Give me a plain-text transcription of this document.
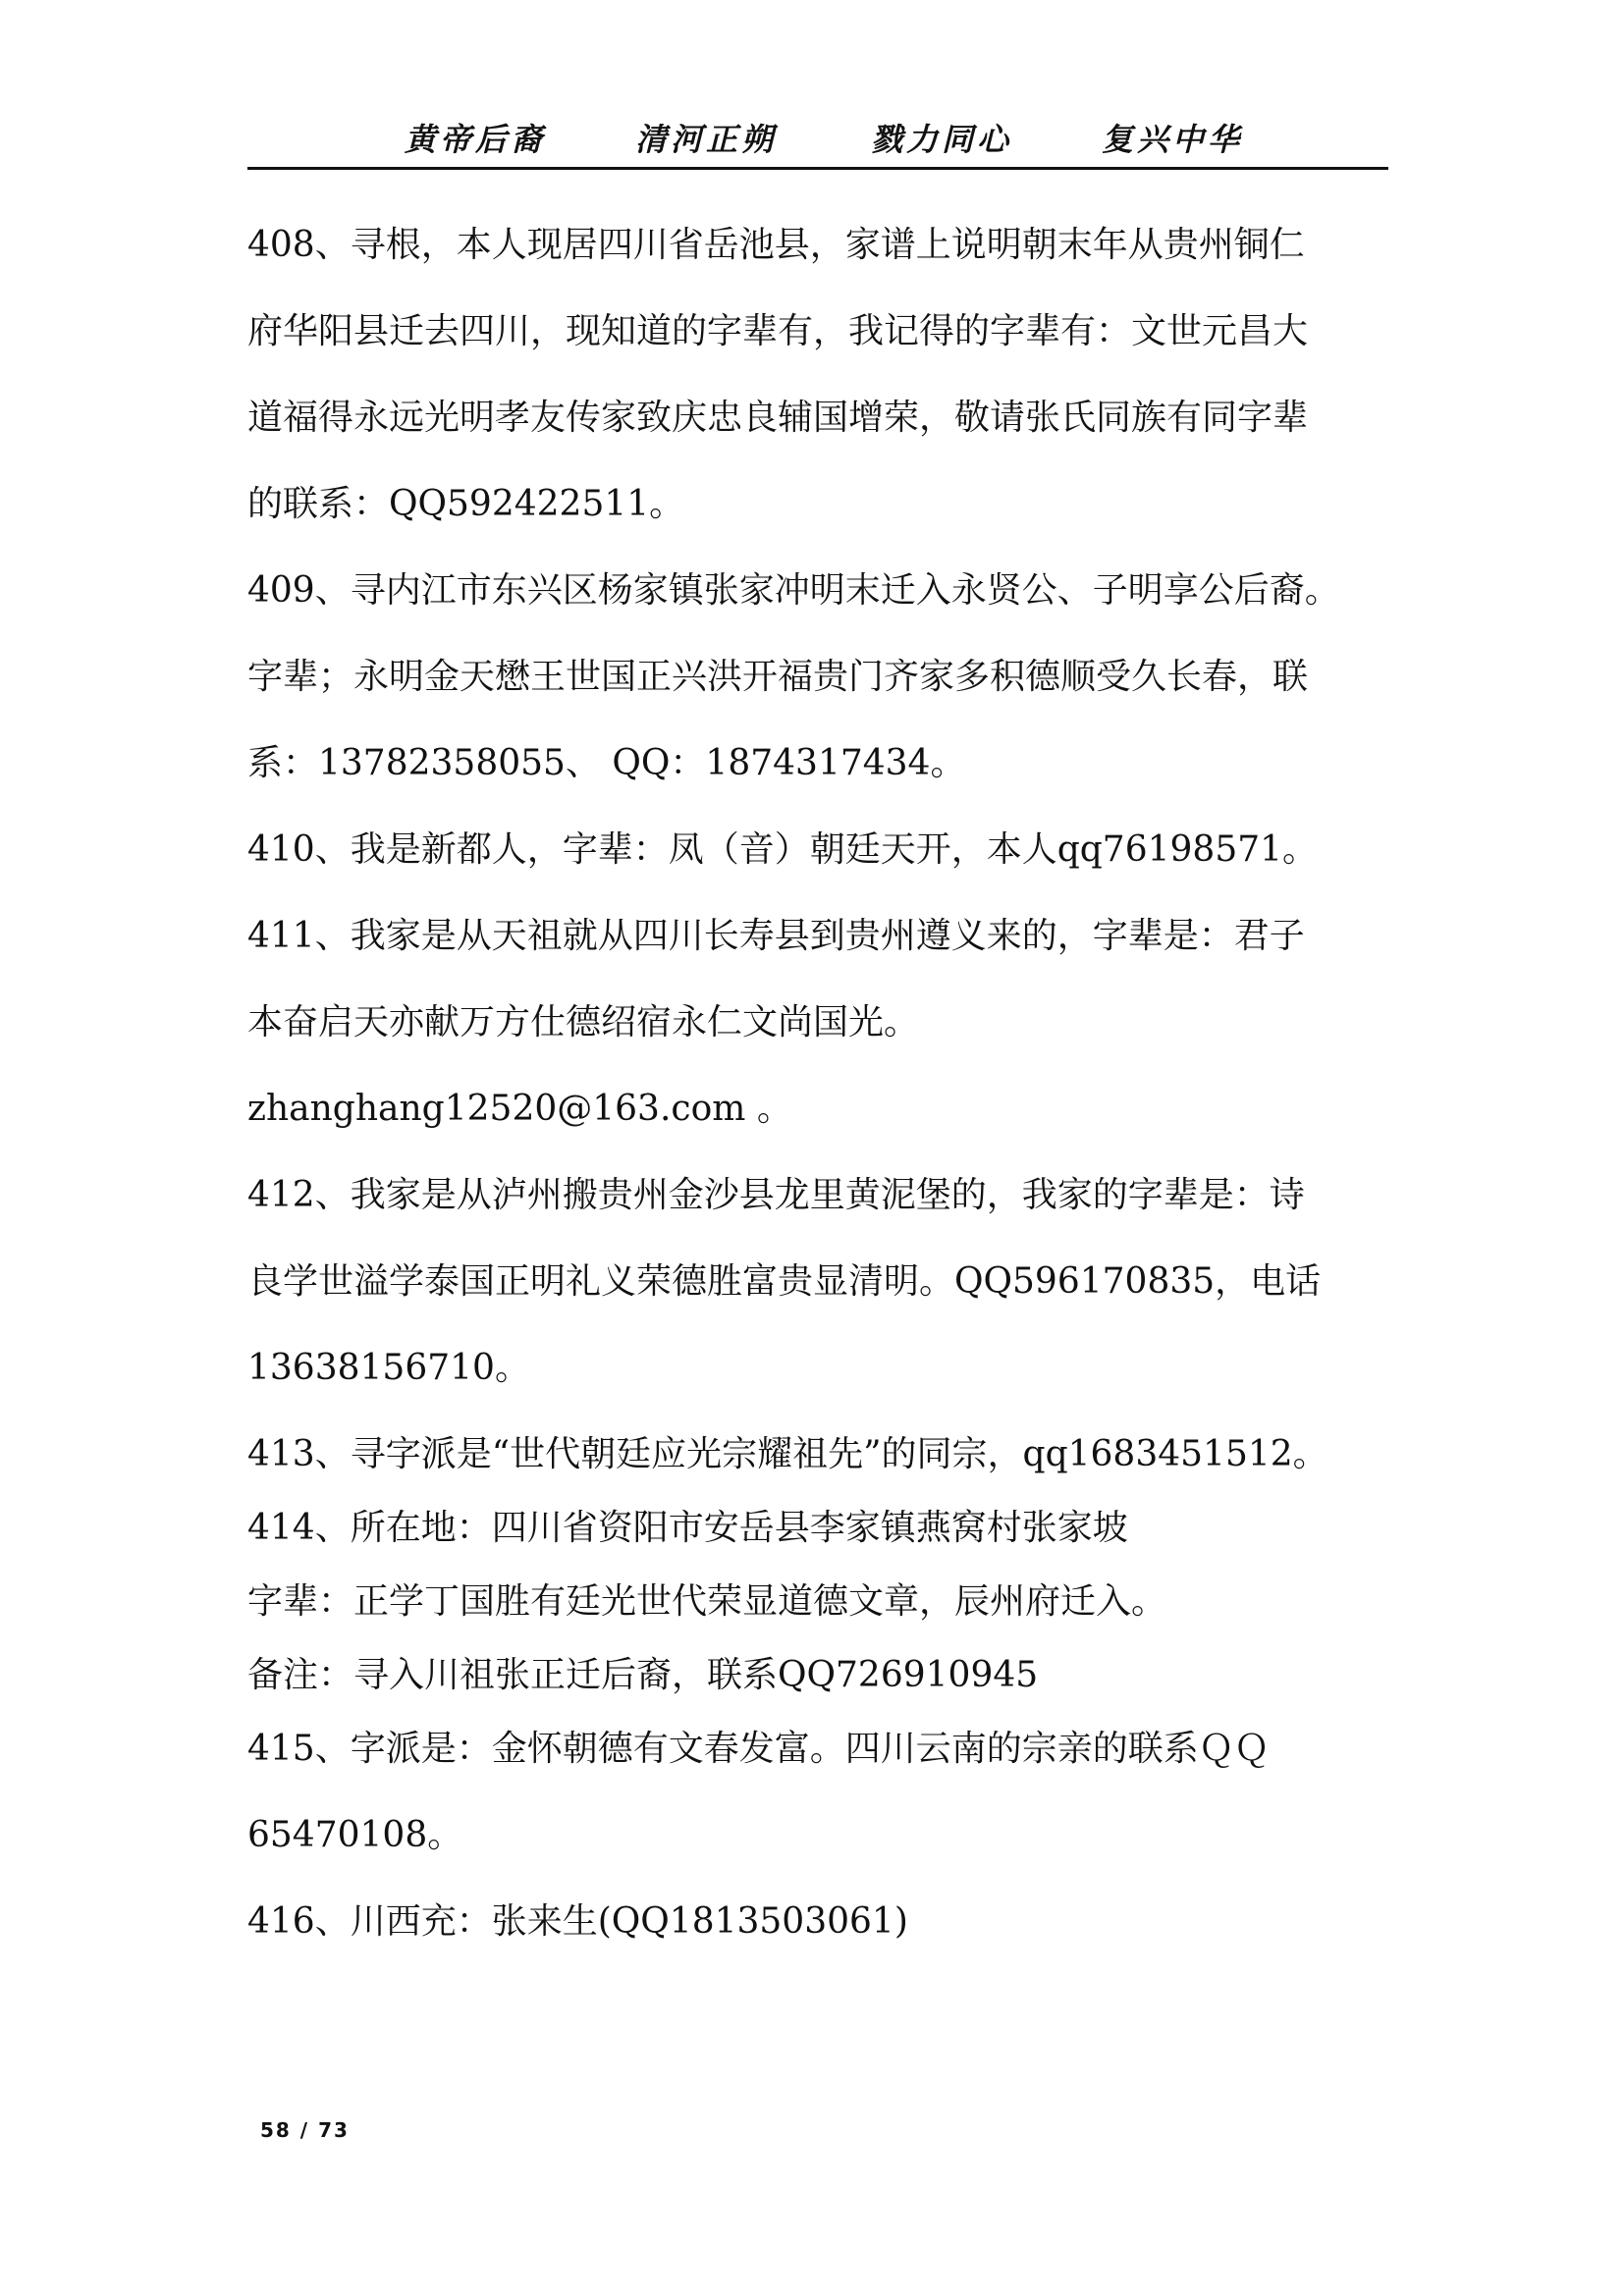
黄帝后裔	清河正朔	戮力同心	复兴中华
408、寻根，本人现居四川省岳池县，家谱上说明朝末年从贵州铜仁
府华阳县迁去四川，现知道的字辈有，我记得的字辈有：文世元昌大
道福得永远光明孝友传家致庆忠良辅国增荣，敬请张氏同族有同字辈
的联系：QQ592422511。
409、寻内江市东兴区杨家镇张家冲明末迁入永贤公、子明享公后裔。
字辈；永明金天懋王世国正兴洪开福贵门齐家多积德顺受久长春，联
系：13782358055、 QQ：1874317434。
410、我是新都人，字辈：凤（音）朝廷天开，本人qq76198571。
411、我家是从天祖就从四川长寿县到贵州遵义来的，字辈是：君子
本奋启天亦献万方仕德绍宿永仁文尚国光。
zhanghang12520@163.com 。
412、我家是从泸州搬贵州金沙县龙里黄泥堡的，我家的字辈是：诗
良学世溢学泰国正明礼义荣德胜富贵显清明。QQ596170835，电话
13638156710。
413、寻字派是“世代朝廷应光宗耀祖先”的同宗，qq1683451512。
414、所在地：四川省资阳市安岳县李家镇燕窝村张家坡
字辈：正学丁国胜有廷光世代荣显道德文章，辰州府迁入。
备注：寻入川祖张正迁后裔，联系QQ726910945
415、字派是：金怀朝德有文春发富。四川云南的宗亲的联系ＱＱ
65470108。
416、川西充：张来生(QQ1813503061)
58 / 73
